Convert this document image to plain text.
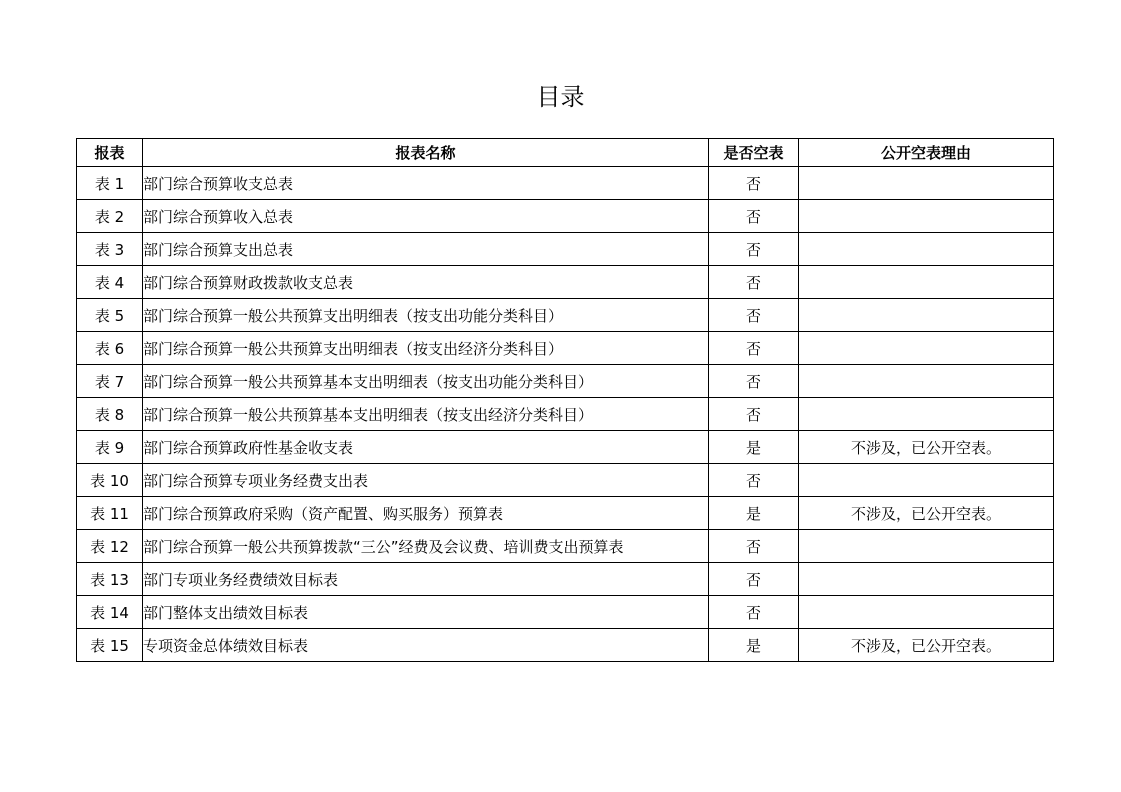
目录
报表	报表名称	是否空表	公开空表理由
表 1	部门综合预算收支总表	否	
表 2	部门综合预算收入总表	否	
表 3	部门综合预算支出总表	否	
表 4	部门综合预算财政拨款收支总表	否	
表 5	部门综合预算一般公共预算支出明细表（按支出功能分类科目）	否	
表 6	部门综合预算一般公共预算支出明细表（按支出经济分类科目）	否	
表 7	部门综合预算一般公共预算基本支出明细表（按支出功能分类科目）	否	
表 8	部门综合预算一般公共预算基本支出明细表（按支出经济分类科目）	否	
表 9	部门综合预算政府性基金收支表	是	不涉及，已公开空表。
表 10	部门综合预算专项业务经费支出表	否	
表 11	部门综合预算政府采购（资产配置、购买服务）预算表	是	不涉及，已公开空表。
表 12	部门综合预算一般公共预算拨款“三公”经费及会议费、培训费支出预算表	否	
表 13	部门专项业务经费绩效目标表	否	
表 14	部门整体支出绩效目标表	否	
表 15	专项资金总体绩效目标表	是	不涉及，已公开空表。
